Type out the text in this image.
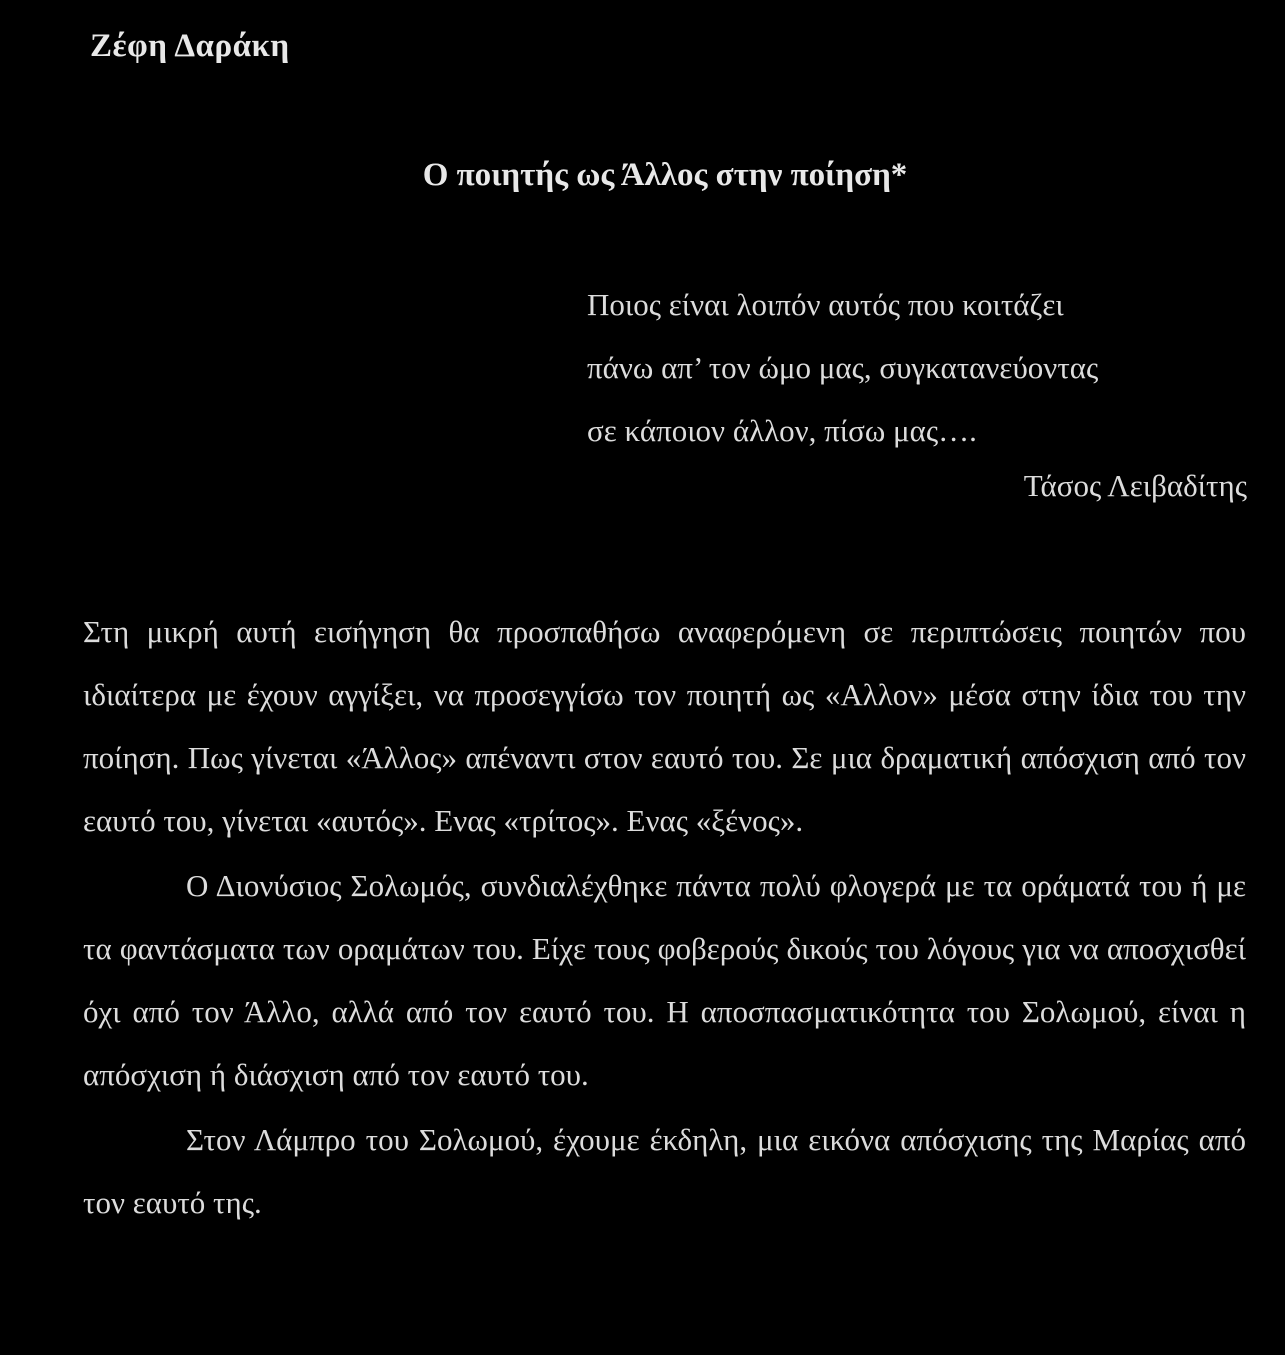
Ζέφη Δαράκη
Ο ποιητής ως Άλλος στην ποίηση*
Ποιος είναι λοιπόν αυτός που κοιτάζει
πάνω απ’ τον ώμο μας, συγκατανεύοντας
σε κάποιον άλλον, πίσω μας….
Τάσος Λειβαδίτης

Στη μικρή αυτή εισήγηση θα προσπαθήσω αναφερόμενη σε περιπτώσεις ποιητών που ιδιαίτερα με έχουν αγγίξει, να προσεγγίσω τον ποιητή ως «Αλλον» μέσα στην ίδια του την ποίηση. Πως γίνεται «Άλλος» απέναντι στον εαυτό του. Σε μια δραματική απόσχιση από τον εαυτό του, γίνεται «αυτός». Ενας «τρίτος». Ενας «ξένος».

Ο Διονύσιος Σολωμός, συνδιαλέχθηκε πάντα πολύ φλογερά με τα οράματά του ή με τα φαντάσματα των οραμάτων του. Είχε τους φοβερούς δικούς του λόγους για να αποσχισθεί όχι από τον Άλλο, αλλά από τον εαυτό του. Η αποσπασματικότητα του Σολωμού, είναι η απόσχιση ή διάσχιση από τον εαυτό του.

Στον Λάμπρο του Σολωμού, έχουμε έκδηλη, μια εικόνα απόσχισης της Μαρίας από τον εαυτό της.
